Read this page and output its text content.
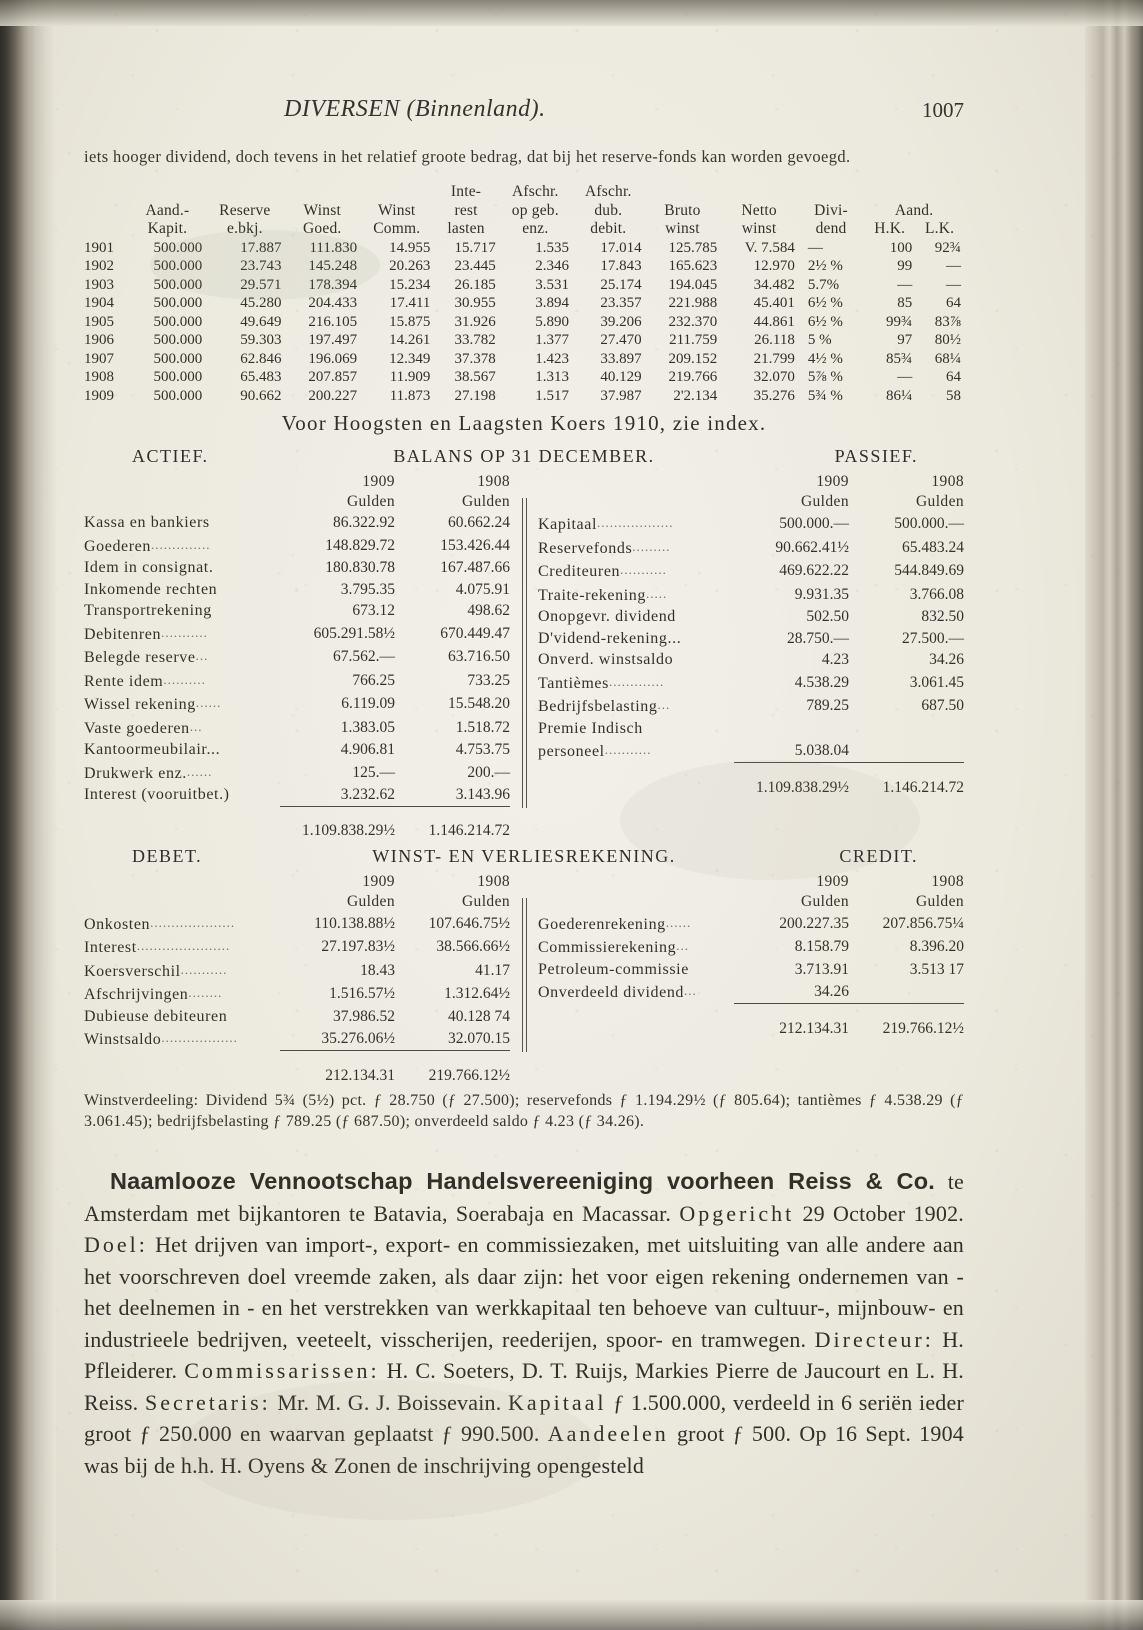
DIVERSEN (Binnenland).	1007

iets hooger dividend, doch tevens in het relatief groote bedrag, dat bij het reserve-fonds kan worden gevoegd.

					Inte-	Afschr.	Afschr.					
	Aand.-	Reserve	Winst	Winst	rest	op geb.	dub.	Bruto	Netto	Divi-	Aand.	
	Kapit.	e.bkj.	Goed.	Comm.	lasten	enz.	debit.	winst	winst	dend	H.K.	L.K.
1901	500.000	17.887	111.830	14.955	15.717	1.535	17.014	125.785	V. 7.584	—	100	92¾
1902	500.000	23.743	145.248	20.263	23.445	2.346	17.843	165.623	12.970	2½ %	99	—
1903	500.000	29.571	178.394	15.234	26.185	3.531	25.174	194.045	34.482	5.7%	—	—
1904	500.000	45.280	204.433	17.411	30.955	3.894	23.357	221.988	45.401	6½ %	85	64
1905	500.000	49.649	216.105	15.875	31.926	5.890	39.206	232.370	44.861	6½ %	99¾	83⅞
1906	500.000	59.303	197.497	14.261	33.782	1.377	27.470	211.759	26.118	5 %	97	80½
1907	500.000	62.846	196.069	12.349	37.378	1.423	33.897	209.152	21.799	4½ %	85¾	68¼
1908	500.000	65.483	207.857	11.909	38.567	1.313	40.129	219.766	32.070	5⅞ %	—	64
1909	500.000	90.662	200.227	11.873	27.198	1.517	37.987	2'2.134	35.276	5¾ %	86¼	58
Voor Hoogsten en Laagsten Koers 1910, zie index.
ACTIEF.	BALANS OP 31 DECEMBER.	PASSIEF.
	1909	1908
	Gulden	Gulden
Kassa en bankiers	86.322.92	60.662.24
Goederen..............	148.829.72	153.426.44
Idem in consignat.	180.830.78	167.487.66
Inkomende rechten	3.795.35	4.075.91
Transportrekening	673.12	498.62
Debitenren...........	605.291.58½	670.449.47
Belegde reserve...	67.562.—	63.716.50
Rente idem..........	766.25	733.25
Wissel rekening......	6.119.09	15.548.20
Vaste goederen...	1.383.05	1.518.72
Kantoormeubilair...	4.906.81	4.753.75
Drukwerk enz.......	125.—	200.—
Interest (vooruitbet.)	3.232.62	3.143.96

	1.109.838.29½	1.146.214.72
	1909	1908
	Gulden	Gulden
Kapitaal..................	500.000.—	500.000.—
Reservefonds.........	90.662.41½	65.483.24
Crediteuren...........	469.622.22	544.849.69
Traite-rekening.....	9.931.35	3.766.08
Onopgevr. dividend	502.50	832.50
D'vidend-rekening...	28.750.—	27.500.—
Onverd. winstsaldo	4.23	34.26
Tantièmes.............	4.538.29	3.061.45
Bedrijfsbelasting...	789.25	687.50
Premie Indisch		
personeel...........	5.038.04	

	1.109.838.29½	1.146.214.72
DEBET.	WINST- EN VERLIESREKENING.	CREDIT.
	1909	1908
	Gulden	Gulden
Onkosten....................	110.138.88½	107.646.75½
Interest......................	27.197.83½	38.566.66½
Koersverschil...........	18.43	41.17
Afschrijvingen........	1.516.57½	1.312.64½
Dubieuse debiteuren	37.986.52	40.128 74
Winstsaldo..................	35.276.06½	32.070.15

	212.134.31	219.766.12½
	1909	1908
	Gulden	Gulden
Goederenrekening......	200.227.35	207.856.75¼
Commissierekening...	8.158.79	8.396.20
Petroleum-commissie	3.713.91	3.513 17
Onverdeeld dividend...	34.26	

	212.134.31	219.766.12½

Winstverdeeling: Dividend 5¾ (5½) pct. ƒ 28.750 (ƒ 27.500); reservefonds ƒ 1.194.29½ (ƒ 805.64); tantièmes ƒ 4.538.29 (ƒ 3.061.45); bedrijfsbelasting ƒ 789.25 (ƒ 687.50); onverdeeld saldo ƒ 4.23 (ƒ 34.26).

Naamlooze Vennootschap Handelsvereeniging voorheen Reiss & Co. te Amsterdam met bijkantoren te Batavia, Soerabaja en Macassar. Opgericht 29 October 1902. Doel: Het drijven van import-, export- en commissiezaken, met uitsluiting van alle andere aan het voorschreven doel vreemde zaken, als daar zijn: het voor eigen rekening ondernemen van - het deelnemen in - en het verstrekken van werkkapitaal ten behoeve van cultuur-, mijnbouw- en industrieele bedrijven, veeteelt, visscherijen, reederijen, spoor- en tramwegen. Directeur: H. Pfleiderer. Commissarissen: H. C. Soeters, D. T. Ruijs, Markies Pierre de Jaucourt en L. H. Reiss. Secretaris: Mr. M. G. J. Boissevain. Kapitaal ƒ 1.500.000, verdeeld in 6 seriën ieder groot ƒ 250.000 en waarvan geplaatst ƒ 990.500. Aandeelen groot ƒ 500. Op 16 Sept. 1904 was bij de h.h. H. Oyens & Zonen de inschrijving opengesteld
